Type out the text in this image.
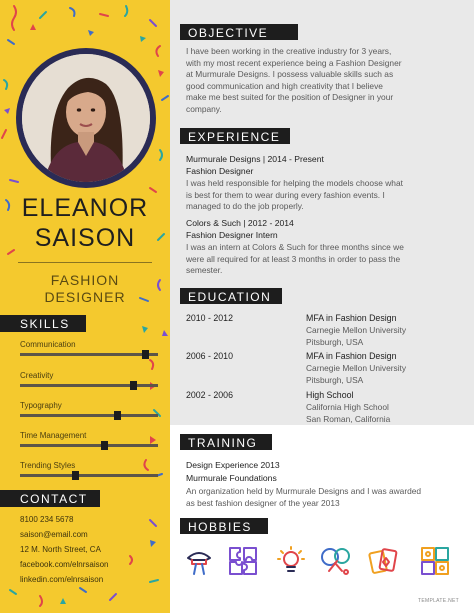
ELEANOR
SAISON
FASHION
DESIGNER
SKILLS
Communication
Creativity
Typography
Time Management
Trending Styles
CONTACT
8100 234 5678
saison@email.com
12 M. North Street, CA
facebook.com/elnrsaison
linkedin.com/elnrsaison
OBJECTIVE
I have been working in the creative industry for 3 years,
with my most recent experience being a Fashion Designer
at Murmurale Designs. I possess valuable skills such as
good communication and high creativity that I believe
make me best suited for the position of Designer in your
company.
EXPERIENCE
Murmurale Designs | 2014 - Present
Fashion Designer
I was held responsible for helping the models choose what
is best for them to wear during every fashion events. I
managed to do the job properly.
Colors & Such | 2012 - 2014
Fashion Designer Intern
I was an intern at Colors & Such for three months since we
were all required for at least 3 months in order to pass the
semester.
EDUCATION
2010 - 2012	MFA in Fashion Design
Carnegie Mellon University
Pitsburgh, USA
2006 - 2010	MFA in Fashion Design
Carnegie Mellon University
Pitsburgh, USA
2002 - 2006	High School
California High School
San Roman, California
TRAINING
Design Experience 2013
Murmurale Foundations
An organization held by Murmurale Designs and I was awarded
as best fashion designer of the year 2013
HOBBIES
TEMPLATE.NET
